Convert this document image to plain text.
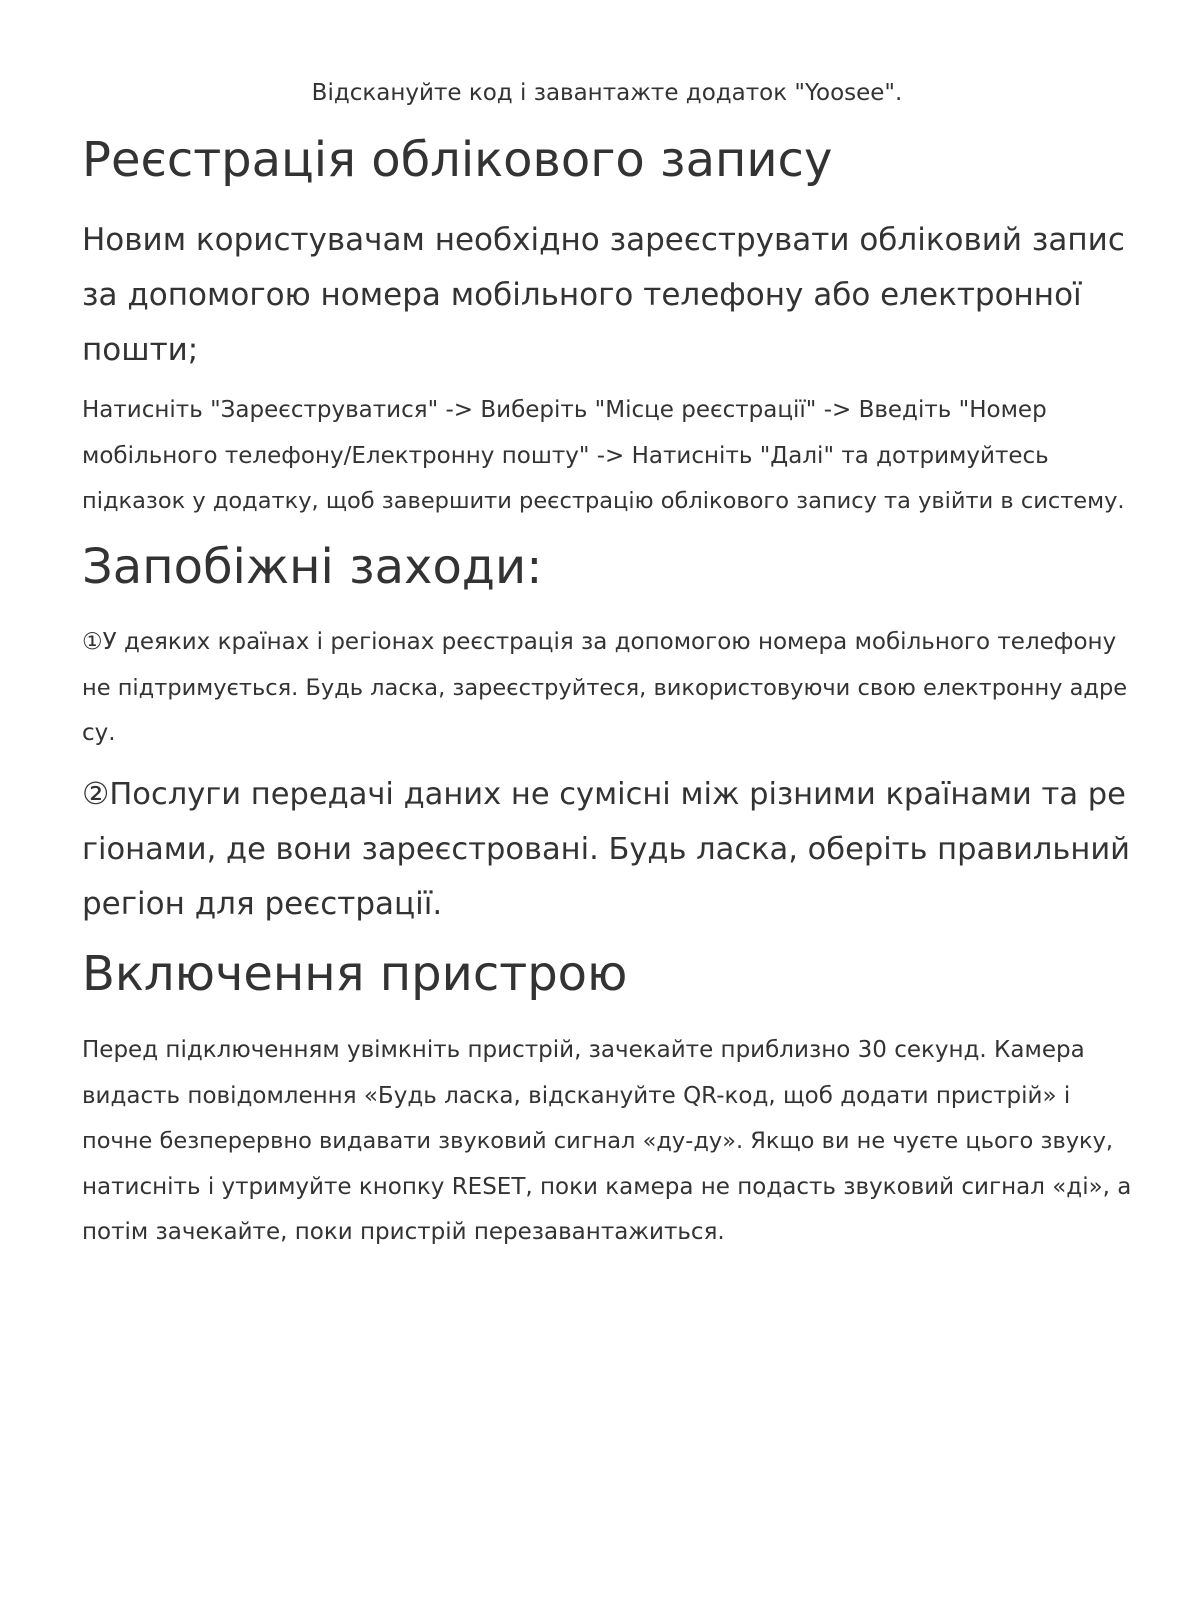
Відскануйте код і завантажте додаток "Yoosee".
Реєстрація облікового запису

Новим користувачам необхідно зареєструвати обліковий запис
за допомогою номера мобільного телефону або електронної
пошти;

Натисніть "Зареєструватися" -> Виберіть "Місце реєстрації" -> Введіть "Номер
мобільного телефону/Електронну пошту" -> Натисніть "Далі" та дотримуйтесь
підказок у додатку, щоб завершити реєстрацію облікового запису та увійти в систему.

Запобіжні заходи:

①У деяких країнах і регіонах реєстрація за допомогою номера мобільного телефону
не підтримується. Будь ласка, зареєструйтеся, використовуючи свою електронну адре
су.

②Послуги передачі даних не сумісні між різними країнами та ре
гіонами, де вони зареєстровані. Будь ласка, оберіть правильний
регіон для реєстрації.

Включення пристрою

Перед підключенням увімкніть пристрій, зачекайте приблизно 30 секунд. Камера
видасть повідомлення «Будь ласка, відскануйте QR-код, щоб додати пристрій» і
почне безперервно видавати звуковий сигнал «ду-ду». Якщо ви не чуєте цього звуку,
натисніть і утримуйте кнопку RESET, поки камера не подасть звуковий сигнал «ді», а
потім зачекайте, поки пристрій перезавантажиться.
